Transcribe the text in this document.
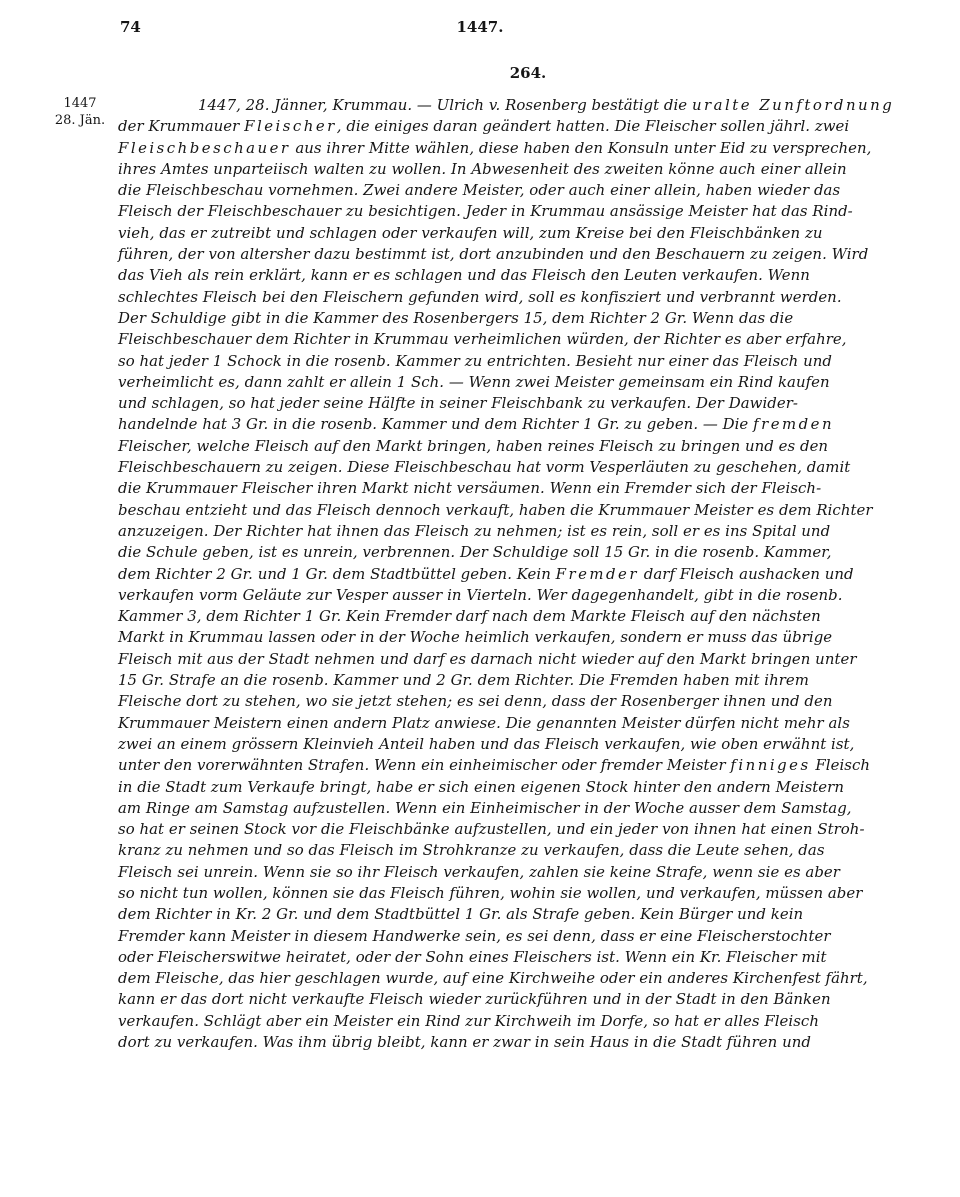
74	1447.
264.
1447
28. Jän.
1447, 28. Jänner, Krummau. — Ulrich v. Rosenberg bestätigt die uralte Zunftordnung
der Krummauer Fleischer, die einiges daran geändert hatten. Die Fleischer sollen jährl. zwei
Fleischbeschauer aus ihrer Mitte wählen, diese haben den Konsuln unter Eid zu versprechen,
ihres Amtes unparteiisch walten zu wollen. In Abwesenheit des zweiten könne auch einer allein
die Fleischbeschau vornehmen. Zwei andere Meister, oder auch einer allein, haben wieder das
Fleisch der Fleischbeschauer zu besichtigen. Jeder in Krummau ansässige Meister hat das Rind-
vieh, das er zutreibt und schlagen oder verkaufen will, zum Kreise bei den Fleischbänken zu
führen, der von altersher dazu bestimmt ist, dort anzubinden und den Beschauern zu zeigen. Wird
das Vieh als rein erklärt, kann er es schlagen und das Fleisch den Leuten verkaufen. Wenn
schlechtes Fleisch bei den Fleischern gefunden wird, soll es konfisziert und verbrannt werden.
Der Schuldige gibt in die Kammer des Rosenbergers 15, dem Richter 2 Gr. Wenn das die
Fleischbeschauer dem Richter in Krummau verheimlichen würden, der Richter es aber erfahre,
so hat jeder 1 Schock in die rosenb. Kammer zu entrichten. Besieht nur einer das Fleisch und
verheimlicht es, dann zahlt er allein 1 Sch. — Wenn zwei Meister gemeinsam ein Rind kaufen
und schlagen, so hat jeder seine Hälfte in seiner Fleischbank zu verkaufen. Der Dawider-
handelnde hat 3 Gr. in die rosenb. Kammer und dem Richter 1 Gr. zu geben. — Die fremden
Fleischer, welche Fleisch auf den Markt bringen, haben reines Fleisch zu bringen und es den
Fleischbeschauern zu zeigen. Diese Fleischbeschau hat vorm Vesperläuten zu geschehen, damit
die Krummauer Fleischer ihren Markt nicht versäumen. Wenn ein Fremder sich der Fleisch-
beschau entzieht und das Fleisch dennoch verkauft, haben die Krummauer Meister es dem Richter
anzuzeigen. Der Richter hat ihnen das Fleisch zu nehmen; ist es rein, soll er es ins Spital und
die Schule geben, ist es unrein, verbrennen. Der Schuldige soll 15 Gr. in die rosenb. Kammer,
dem Richter 2 Gr. und 1 Gr. dem Stadtbüttel geben. Kein Fremder darf Fleisch aushacken und
verkaufen vorm Geläute zur Vesper ausser in Vierteln. Wer dagegenhandelt, gibt in die rosenb.
Kammer 3, dem Richter 1 Gr. Kein Fremder darf nach dem Markte Fleisch auf den nächsten
Markt in Krummau lassen oder in der Woche heimlich verkaufen, sondern er muss das übrige
Fleisch mit aus der Stadt nehmen und darf es darnach nicht wieder auf den Markt bringen unter
15 Gr. Strafe an die rosenb. Kammer und 2 Gr. dem Richter. Die Fremden haben mit ihrem
Fleische dort zu stehen, wo sie jetzt stehen; es sei denn, dass der Rosenberger ihnen und den
Krummauer Meistern einen andern Platz anwiese. Die genannten Meister dürfen nicht mehr als
zwei an einem grössern Kleinvieh Anteil haben und das Fleisch verkaufen, wie oben erwähnt ist,
unter den vorerwähnten Strafen. Wenn ein einheimischer oder fremder Meister finniges Fleisch
in die Stadt zum Verkaufe bringt, habe er sich einen eigenen Stock hinter den andern Meistern
am Ringe am Samstag aufzustellen. Wenn ein Einheimischer in der Woche ausser dem Samstag,
so hat er seinen Stock vor die Fleischbänke aufzustellen, und ein jeder von ihnen hat einen Stroh-
kranz zu nehmen und so das Fleisch im Strohkranze zu verkaufen, dass die Leute sehen, das
Fleisch sei unrein. Wenn sie so ihr Fleisch verkaufen, zahlen sie keine Strafe, wenn sie es aber
so nicht tun wollen, können sie das Fleisch führen, wohin sie wollen, und verkaufen, müssen aber
dem Richter in Kr. 2 Gr. und dem Stadtbüttel 1 Gr. als Strafe geben. Kein Bürger und kein
Fremder kann Meister in diesem Handwerke sein, es sei denn, dass er eine Fleischerstochter
oder Fleischerswitwe heiratet, oder der Sohn eines Fleischers ist. Wenn ein Kr. Fleischer mit
dem Fleische, das hier geschlagen wurde, auf eine Kirchweihe oder ein anderes Kirchenfest fährt,
kann er das dort nicht verkaufte Fleisch wieder zurückführen und in der Stadt in den Bänken
verkaufen. Schlägt aber ein Meister ein Rind zur Kirchweih im Dorfe, so hat er alles Fleisch
dort zu verkaufen. Was ihm übrig bleibt, kann er zwar in sein Haus in die Stadt führen und
